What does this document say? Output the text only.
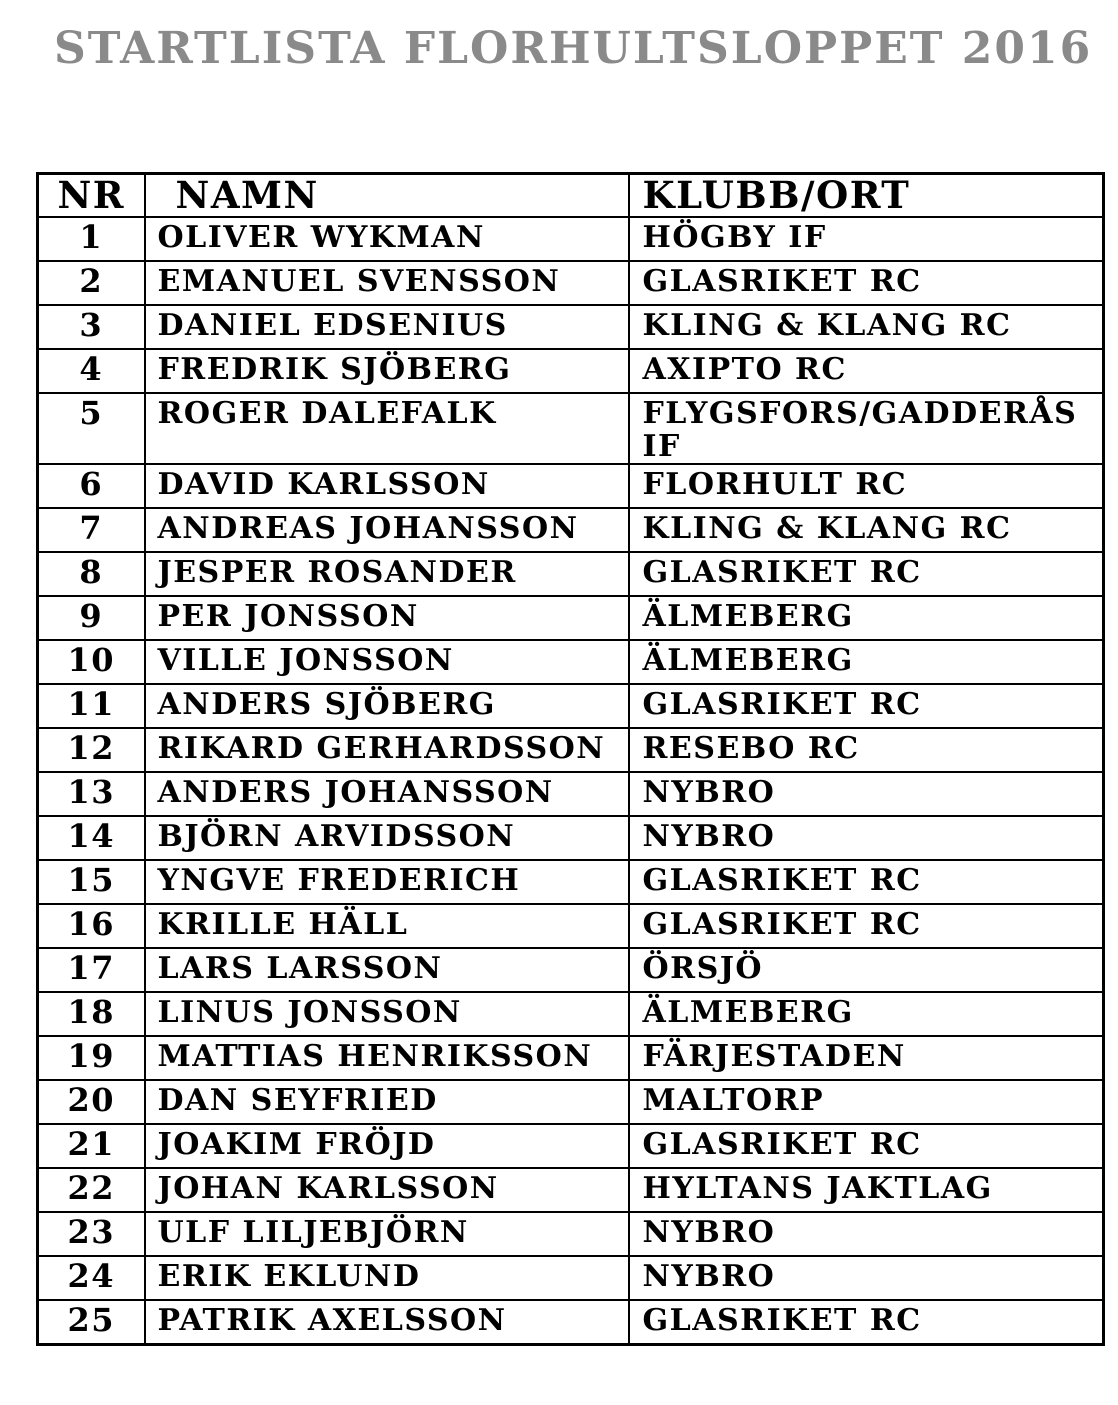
STARTLISTA FLORHULTSLOPPET 2016
NR	NAMN	KLUBB/ORT
1	OLIVER WYKMAN	HÖGBY IF
2	EMANUEL SVENSSON	GLASRIKET RC
3	DANIEL EDSENIUS	KLING & KLANG RC
4	FREDRIK SJÖBERG	AXIPTO RC
5	ROGER DALEFALK	FLYGSFORS/GADDERÅS IF
6	DAVID KARLSSON	FLORHULT RC
7	ANDREAS JOHANSSON	KLING & KLANG RC
8	JESPER ROSANDER	GLASRIKET RC
9	PER JONSSON	ÄLMEBERG
10	VILLE JONSSON	ÄLMEBERG
11	ANDERS SJÖBERG	GLASRIKET RC
12	RIKARD GERHARDSSON	RESEBO RC
13	ANDERS JOHANSSON	NYBRO
14	BJÖRN ARVIDSSON	NYBRO
15	YNGVE FREDERICH	GLASRIKET RC
16	KRILLE HÄLL	GLASRIKET RC
17	LARS LARSSON	ÖRSJÖ
18	LINUS JONSSON	ÄLMEBERG
19	MATTIAS HENRIKSSON	FÄRJESTADEN
20	DAN SEYFRIED	MALTORP
21	JOAKIM FRÖJD	GLASRIKET RC
22	JOHAN KARLSSON	HYLTANS JAKTLAG
23	ULF LILJEBJÖRN	NYBRO
24	ERIK EKLUND	NYBRO
25	PATRIK AXELSSON	GLASRIKET RC
